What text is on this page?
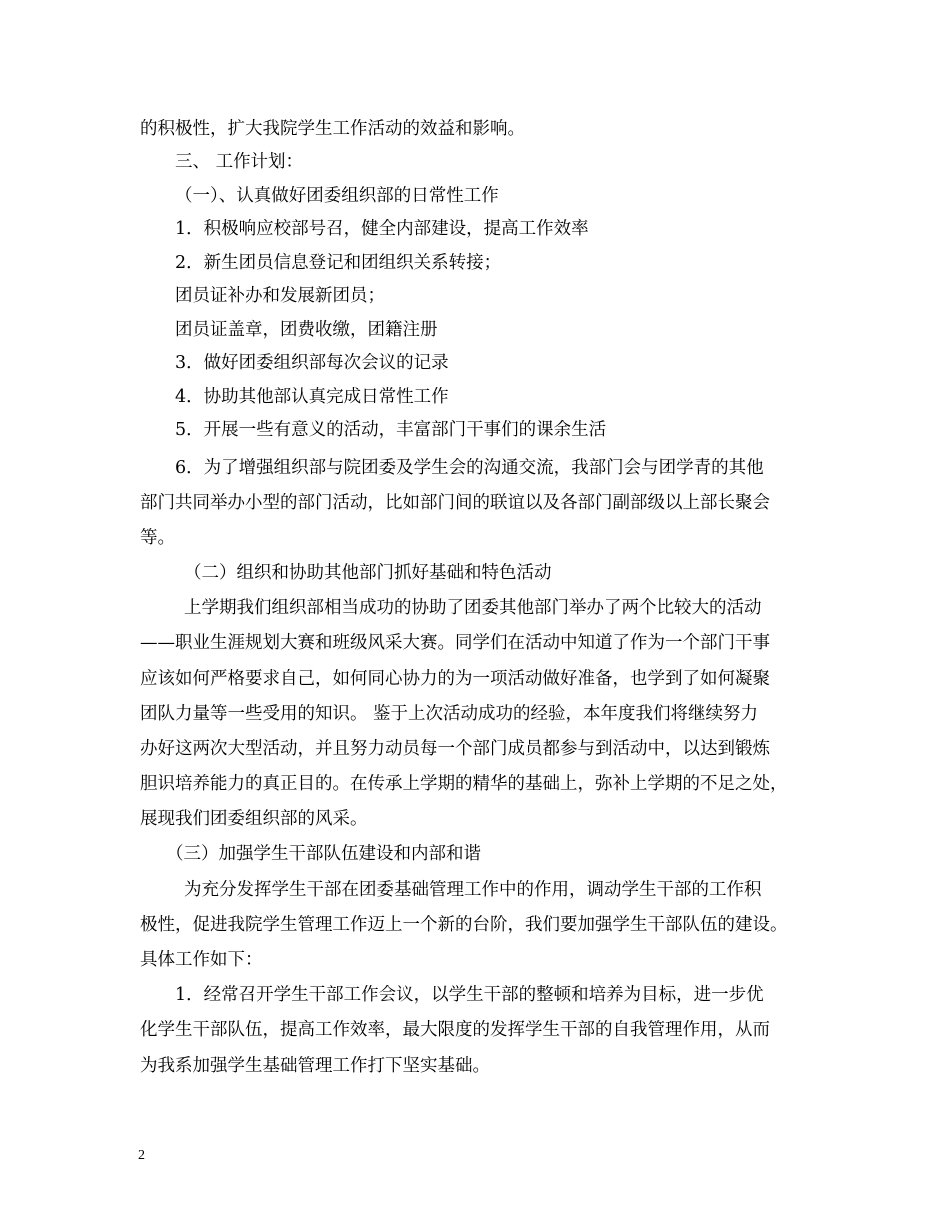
的积极性，扩大我院学生工作活动的效益和影响。
三、 工作计划：
（一）、认真做好团委组织部的日常性工作
1．积极响应校部号召，健全内部建设，提高工作效率
2．新生团员信息登记和团组织关系转接；
团员证补办和发展新团员；
团员证盖章，团费收缴，团籍注册
3．做好团委组织部每次会议的记录
4．协助其他部认真完成日常性工作
5．开展一些有意义的活动，丰富部门干事们的课余生活
6．为了增强组织部与院团委及学生会的沟通交流，我部门会与团学青的其他
部门共同举办小型的部门活动，比如部门间的联谊以及各部门副部级以上部长聚会
等。
（二）组织和协助其他部门抓好基础和特色活动
上学期我们组织部相当成功的协助了团委其他部门举办了两个比较大的活动
——职业生涯规划大赛和班级风采大赛。同学们在活动中知道了作为一个部门干事
应该如何严格要求自己，如何同心协力的为一项活动做好准备，也学到了如何凝聚
团队力量等一些受用的知识。 鉴于上次活动成功的经验，本年度我们将继续努力
办好这两次大型活动，并且努力动员每一个部门成员都参与到活动中，以达到锻炼
胆识培养能力的真正目的。在传承上学期的精华的基础上，弥补上学期的不足之处，
展现我们团委组织部的风采。
（三）加强学生干部队伍建设和内部和谐
为充分发挥学生干部在团委基础管理工作中的作用，调动学生干部的工作积
极性，促进我院学生管理工作迈上一个新的台阶，我们要加强学生干部队伍的建设。
具体工作如下：
1．经常召开学生干部工作会议，以学生干部的整顿和培养为目标，进一步优
化学生干部队伍，提高工作效率，最大限度的发挥学生干部的自我管理作用，从而
为我系加强学生基础管理工作打下坚实基础。
2
